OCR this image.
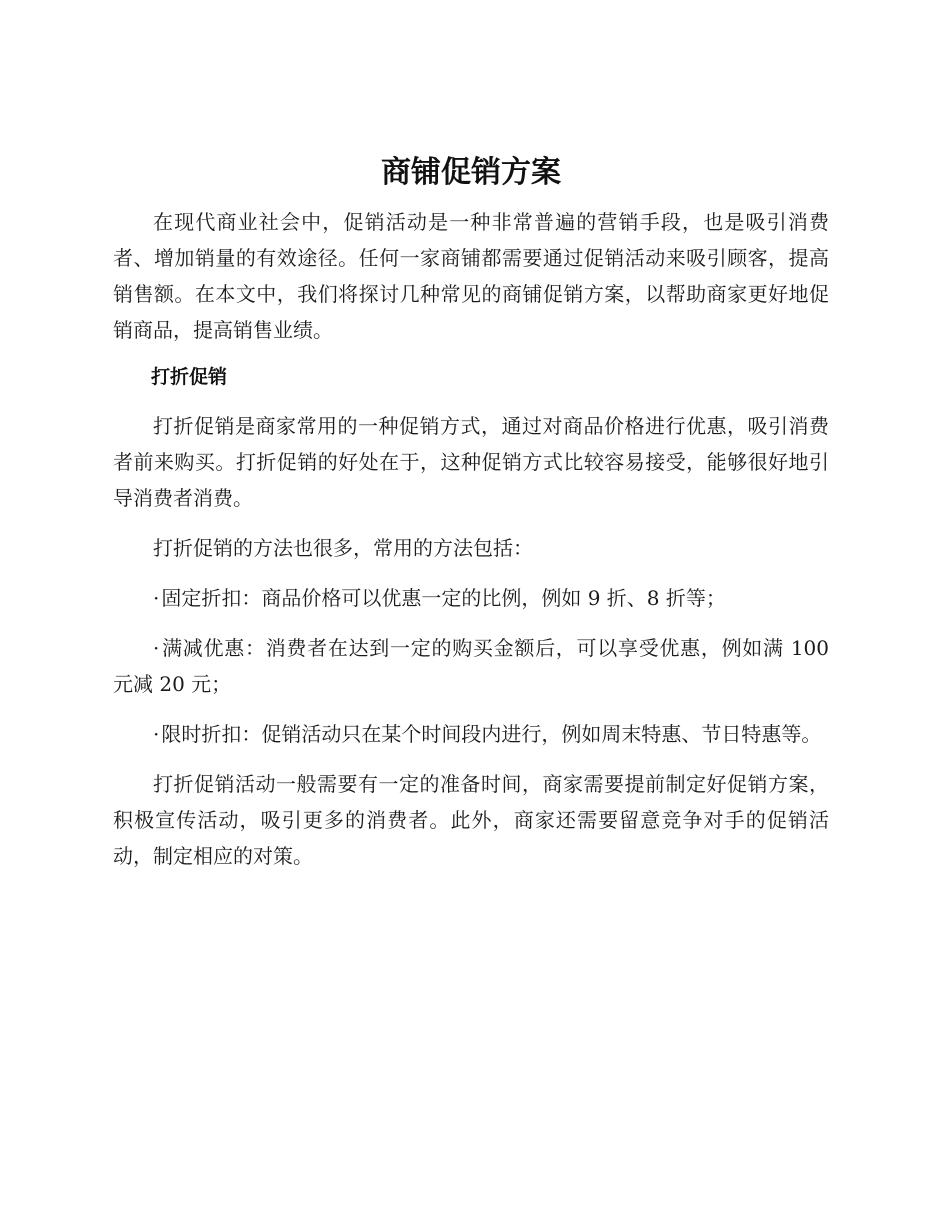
商铺促销方案

在现代商业社会中，促销活动是一种非常普遍的营销手段，也是吸引消费者、增加销量的有效途径。任何一家商铺都需要通过促销活动来吸引顾客，提高销售额。在本文中，我们将探讨几种常见的商铺促销方案，以帮助商家更好地促销商品，提高销售业绩。

打折促销

打折促销是商家常用的一种促销方式，通过对商品价格进行优惠，吸引消费者前来购买。打折促销的好处在于，这种促销方式比较容易接受，能够很好地引导消费者消费。

打折促销的方法也很多，常用的方法包括：

· 固定折扣：商品价格可以优惠一定的比例，例如 9 折、8 折等；

· 满减优惠：消费者在达到一定的购买金额后，可以享受优惠，例如满 100 元减 20 元；

· 限时折扣：促销活动只在某个时间段内进行，例如周末特惠、节日特惠等。

打折促销活动一般需要有一定的准备时间，商家需要提前制定好促销方案，积极宣传活动，吸引更多的消费者。此外，商家还需要留意竞争对手的促销活动，制定相应的对策。
